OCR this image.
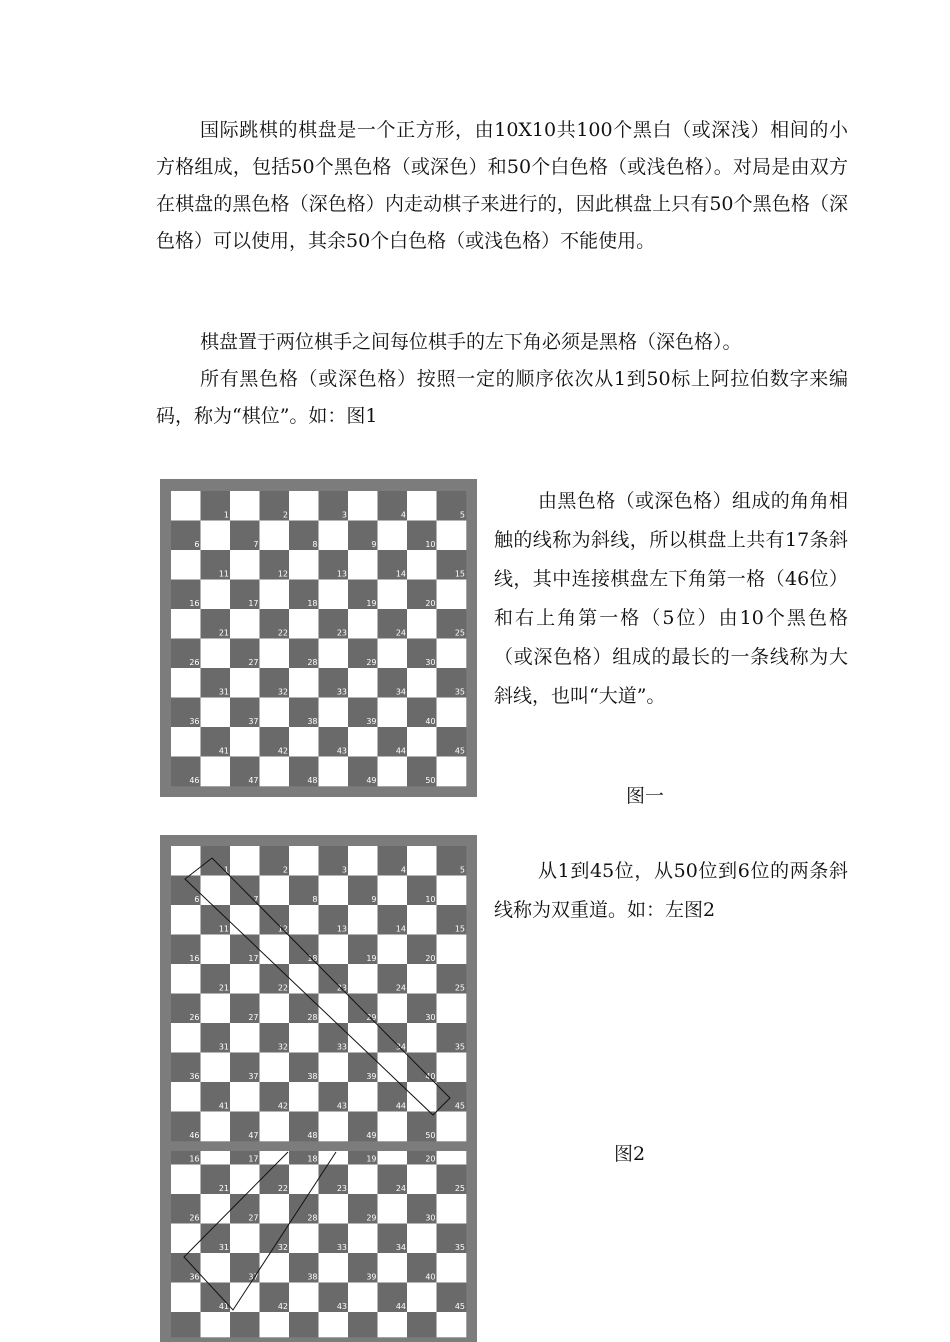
国际跳棋的棋盘是一个正方形，由10X10共100个黑白（或深浅）相间的小方格组成，包括50个黑色格（或深色）和50个白色格（或浅色格）。对局是由双方在棋盘的黑色格（深色格）内走动棋子来进行的，因此棋盘上只有50个黑色格（深色格）可以使用，其余50个白色格（或浅色格）不能使用。

棋盘置于两位棋手之间每位棋手的左下角必须是黑格（深色格）。

所有黑色格（或深色格）按照一定的顺序依次从1到50标上阿拉伯数字来编码，称为“棋位”。如：图1

1	2	3	4	5
6	7	8	9	10
11	12	13	14	15
16	17	18	19	20
21	22	23	24	25
26	27	28	29	30
31	32	33	34	35
36	37	38	39	40
41	42	43	44	45
46	47	48	49	50

由黑色格（或深色格）组成的角角相触的线称为斜线，所以棋盘上共有17条斜线，其中连接棋盘左下角第一格（46位）和右上角第一格（5位）由10个黑色格（或深色格）组成的最长的一条线称为大斜线，也叫“大道”。

图一

1	2	3	4	5
6	7	8	9	10
11	12	13	14	15
16	17	18	19	20
21	22	23	24	25
26	27	28	29	30
31	32	33	34	35
36	37	38	39	40
41	42	43	44	45
46	47	48	49	50
16	17	18	19	20
21	22	23	24	25
26	27	28	29	30
31	32	33	34	35
36	37	38	39	40
41	42	43	44	45

从1到45位，从50位到6位的两条斜线称为双重道。如：左图2

图2
